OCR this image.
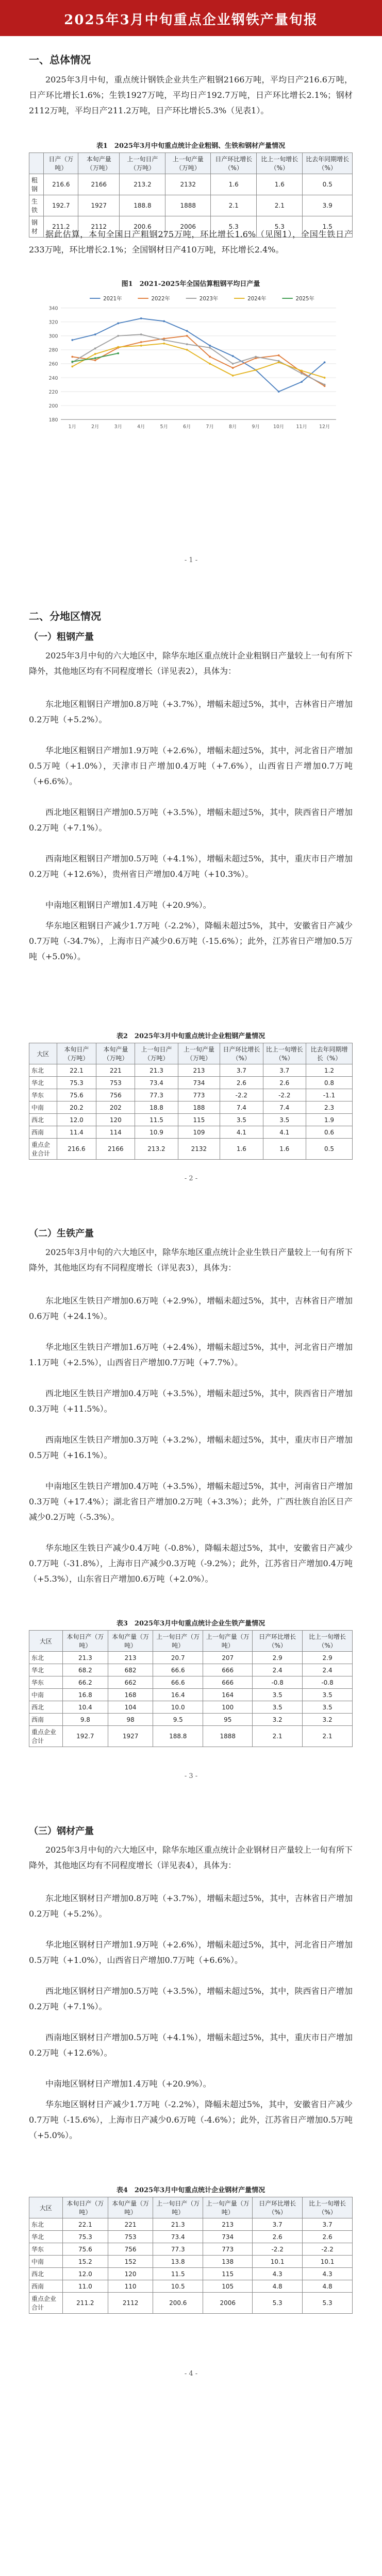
2025年3月中旬重点企业钢铁产量旬报
一、总体情况
2025年3月中旬，重点统计钢铁企业共生产粗钢2166万吨，平均日产216.6万吨，日产环比增长1.6%；生铁1927万吨，平均日产192.7万吨，日产环比增长2.1%；钢材2112万吨，平均日产211.2万吨，日产环比增长5.3%（见表1）。
表1　2025年3月中旬重点统计企业粗钢、生铁和钢材产量情况
	日产（万吨）	本旬产量（万吨）	上一旬日产（万吨）	上一旬产量（万吨）	日产环比增长（%）	比上一旬增长（%）	比去年同期增长（%）
粗钢	216.6	2166	213.2	2132	1.6	1.6	0.5
生铁	192.7	1927	188.8	1888	2.1	2.1	3.9
钢材	211.2	2112	200.6	2006	5.3	5.3	1.5
据此估算，本旬全国日产粗钢275万吨，环比增长1.6%（见图1），全国生铁日产233万吨，环比增长2.1%；全国钢材日产410万吨，环比增长2.4%。
图1　2021-2025年全国估算粗钢平均日产量
180
200
220
240
260
280
300
320
340
1月	2月	3月	4月	5月	6月	7月	8月	9月	10月 11月 12月
2021年	2022年	2023年	2024年	2025年
- 1 -
二、分地区情况
（一）粗钢产量
2025年3月中旬的六大地区中，除华东地区重点统计企业粗钢日产量较上一旬有所下降外，其他地区均有不同程度增长（详见表2），具体为：
东北地区粗钢日产增加0.8万吨（+3.7%），增幅未超过5%，其中，吉林省日产增加0.2万吨（+5.2%）。
华北地区粗钢日产增加1.9万吨（+2.6%），增幅未超过5%，其中，河北省日产增加0.5万吨（+1.0%），天津市日产增加0.4万吨（+7.6%），山西省日产增加0.7万吨（+6.6%）。
西北地区粗钢日产增加0.5万吨（+3.5%），增幅未超过5%，其中，陕西省日产增加0.2万吨（+7.1%）。
西南地区粗钢日产增加0.5万吨（+4.1%），增幅未超过5%，其中，重庆市日产增加0.2万吨（+12.6%），贵州省日产增加0.4万吨（+10.3%）。
中南地区粗钢日产增加1.4万吨（+20.9%）。
华东地区粗钢日产减少1.7万吨（-2.2%），降幅未超过5%，其中，安徽省日产减少0.7万吨（-34.7%），上海市日产减少0.6万吨（-15.6%）；此外，江苏省日产增加0.5万吨（+5.0%）。
表2　2025年3月中旬重点统计企业粗钢产量情况
大区	本旬日产（万吨）	本旬产量（万吨）	上一旬日产（万吨）	上一旬产量（万吨）	日产环比增长（%）	比上一旬增长（%）	比去年同期增长（%）
东北	22.1	221	21.3	213	3.7	3.7	1.2
华北	75.3	753	73.4	734	2.6	2.6	0.8
华东	75.6	756	77.3	773	-2.2	-2.2	-1.1
中南	20.2	202	18.8	188	7.4	7.4	2.3
西北	12.0	120	11.5	115	3.5	3.5	1.9
西南	11.4	114	10.9	109	4.1	4.1	0.6
重点企业合计	216.6	2166	213.2	2132	1.6	1.6	0.5
- 2 -
（二）生铁产量
2025年3月中旬的六大地区中，除华东地区重点统计企业生铁日产量较上一旬有所下降外，其他地区均有不同程度增长（详见表3），具体为：
东北地区生铁日产增加0.6万吨（+2.9%），增幅未超过5%，其中，吉林省日产增加0.6万吨（+24.1%）。
华北地区生铁日产增加1.6万吨（+2.4%），增幅未超过5%，其中，河北省日产增加1.1万吨（+2.5%），山西省日产增加0.7万吨（+7.7%）。
西北地区生铁日产增加0.4万吨（+3.5%），增幅未超过5%，其中，陕西省日产增加0.3万吨（+11.5%）。
西南地区生铁日产增加0.3万吨（+3.2%），增幅未超过5%，其中，重庆市日产增加0.5万吨（+16.1%）。
中南地区生铁日产增加0.4万吨（+3.5%），增幅未超过5%，其中，河南省日产增加0.3万吨（+17.4%）；湖北省日产增加0.2万吨（+3.3%）；此外，广西壮族自治区日产减少0.2万吨（-5.3%）。
华东地区生铁日产减少0.4万吨（-0.8%），降幅未超过5%，其中，安徽省日产减少0.7万吨（-31.8%），上海市日产减少0.3万吨（-9.2%）；此外，江苏省日产增加0.4万吨（+5.3%），山东省日产增加0.6万吨（+2.0%）。
表3　2025年3月中旬重点统计企业生铁产量情况
大区	本旬日产（万吨）	本旬产量（万吨）	上一旬日产（万吨）	上一旬产量（万吨）	日产环比增长（%）	比上一旬增长（%）
东北	21.3	213	20.7	207	2.9	2.9
华北	68.2	682	66.6	666	2.4	2.4
华东	66.2	662	66.6	666	-0.8	-0.8
中南	16.8	168	16.4	164	3.5	3.5
西北	10.4	104	10.0	100	3.5	3.5
西南	9.8	98	9.5	95	3.2	3.2
重点企业合计	192.7	1927	188.8	1888	2.1	2.1
- 3 -
（三）钢材产量
2025年3月中旬的六大地区中，除华东地区重点统计企业钢材日产量较上一旬有所下降外，其他地区均有不同程度增长（详见表4），具体为：
东北地区钢材日产增加0.8万吨（+3.7%），增幅未超过5%，其中，吉林省日产增加0.2万吨（+5.2%）。
华北地区钢材日产增加1.9万吨（+2.6%），增幅未超过5%，其中，河北省日产增加0.5万吨（+1.0%），山西省日产增加0.7万吨（+6.6%）。
西北地区钢材日产增加0.5万吨（+3.5%），增幅未超过5%，其中，陕西省日产增加0.2万吨（+7.1%）。
西南地区钢材日产增加0.5万吨（+4.1%），增幅未超过5%，其中，重庆市日产增加0.2万吨（+12.6%）。
中南地区钢材日产增加1.4万吨（+20.9%）。
华东地区钢材日产减少1.7万吨（-2.2%），降幅未超过5%，其中，安徽省日产减少0.7万吨（-15.6%），上海市日产减少0.6万吨（-4.6%）；此外，江苏省日产增加0.5万吨（+5.0%）。
表4　2025年3月中旬重点统计企业钢材产量情况
大区	本旬日产（万吨）	本旬产量（万吨）	上一旬日产（万吨）	上一旬产量（万吨）	日产环比增长（%）	比上一旬增长（%）
东北	22.1	221	21.3	213	3.7	3.7
华北	75.3	753	73.4	734	2.6	2.6
华东	75.6	756	77.3	773	-2.2	-2.2
中南	15.2	152	13.8	138	10.1	10.1
西北	12.0	120	11.5	115	4.3	4.3
西南	11.0	110	10.5	105	4.8	4.8
重点企业合计	211.2	2112	200.6	2006	5.3	5.3
- 4 -
